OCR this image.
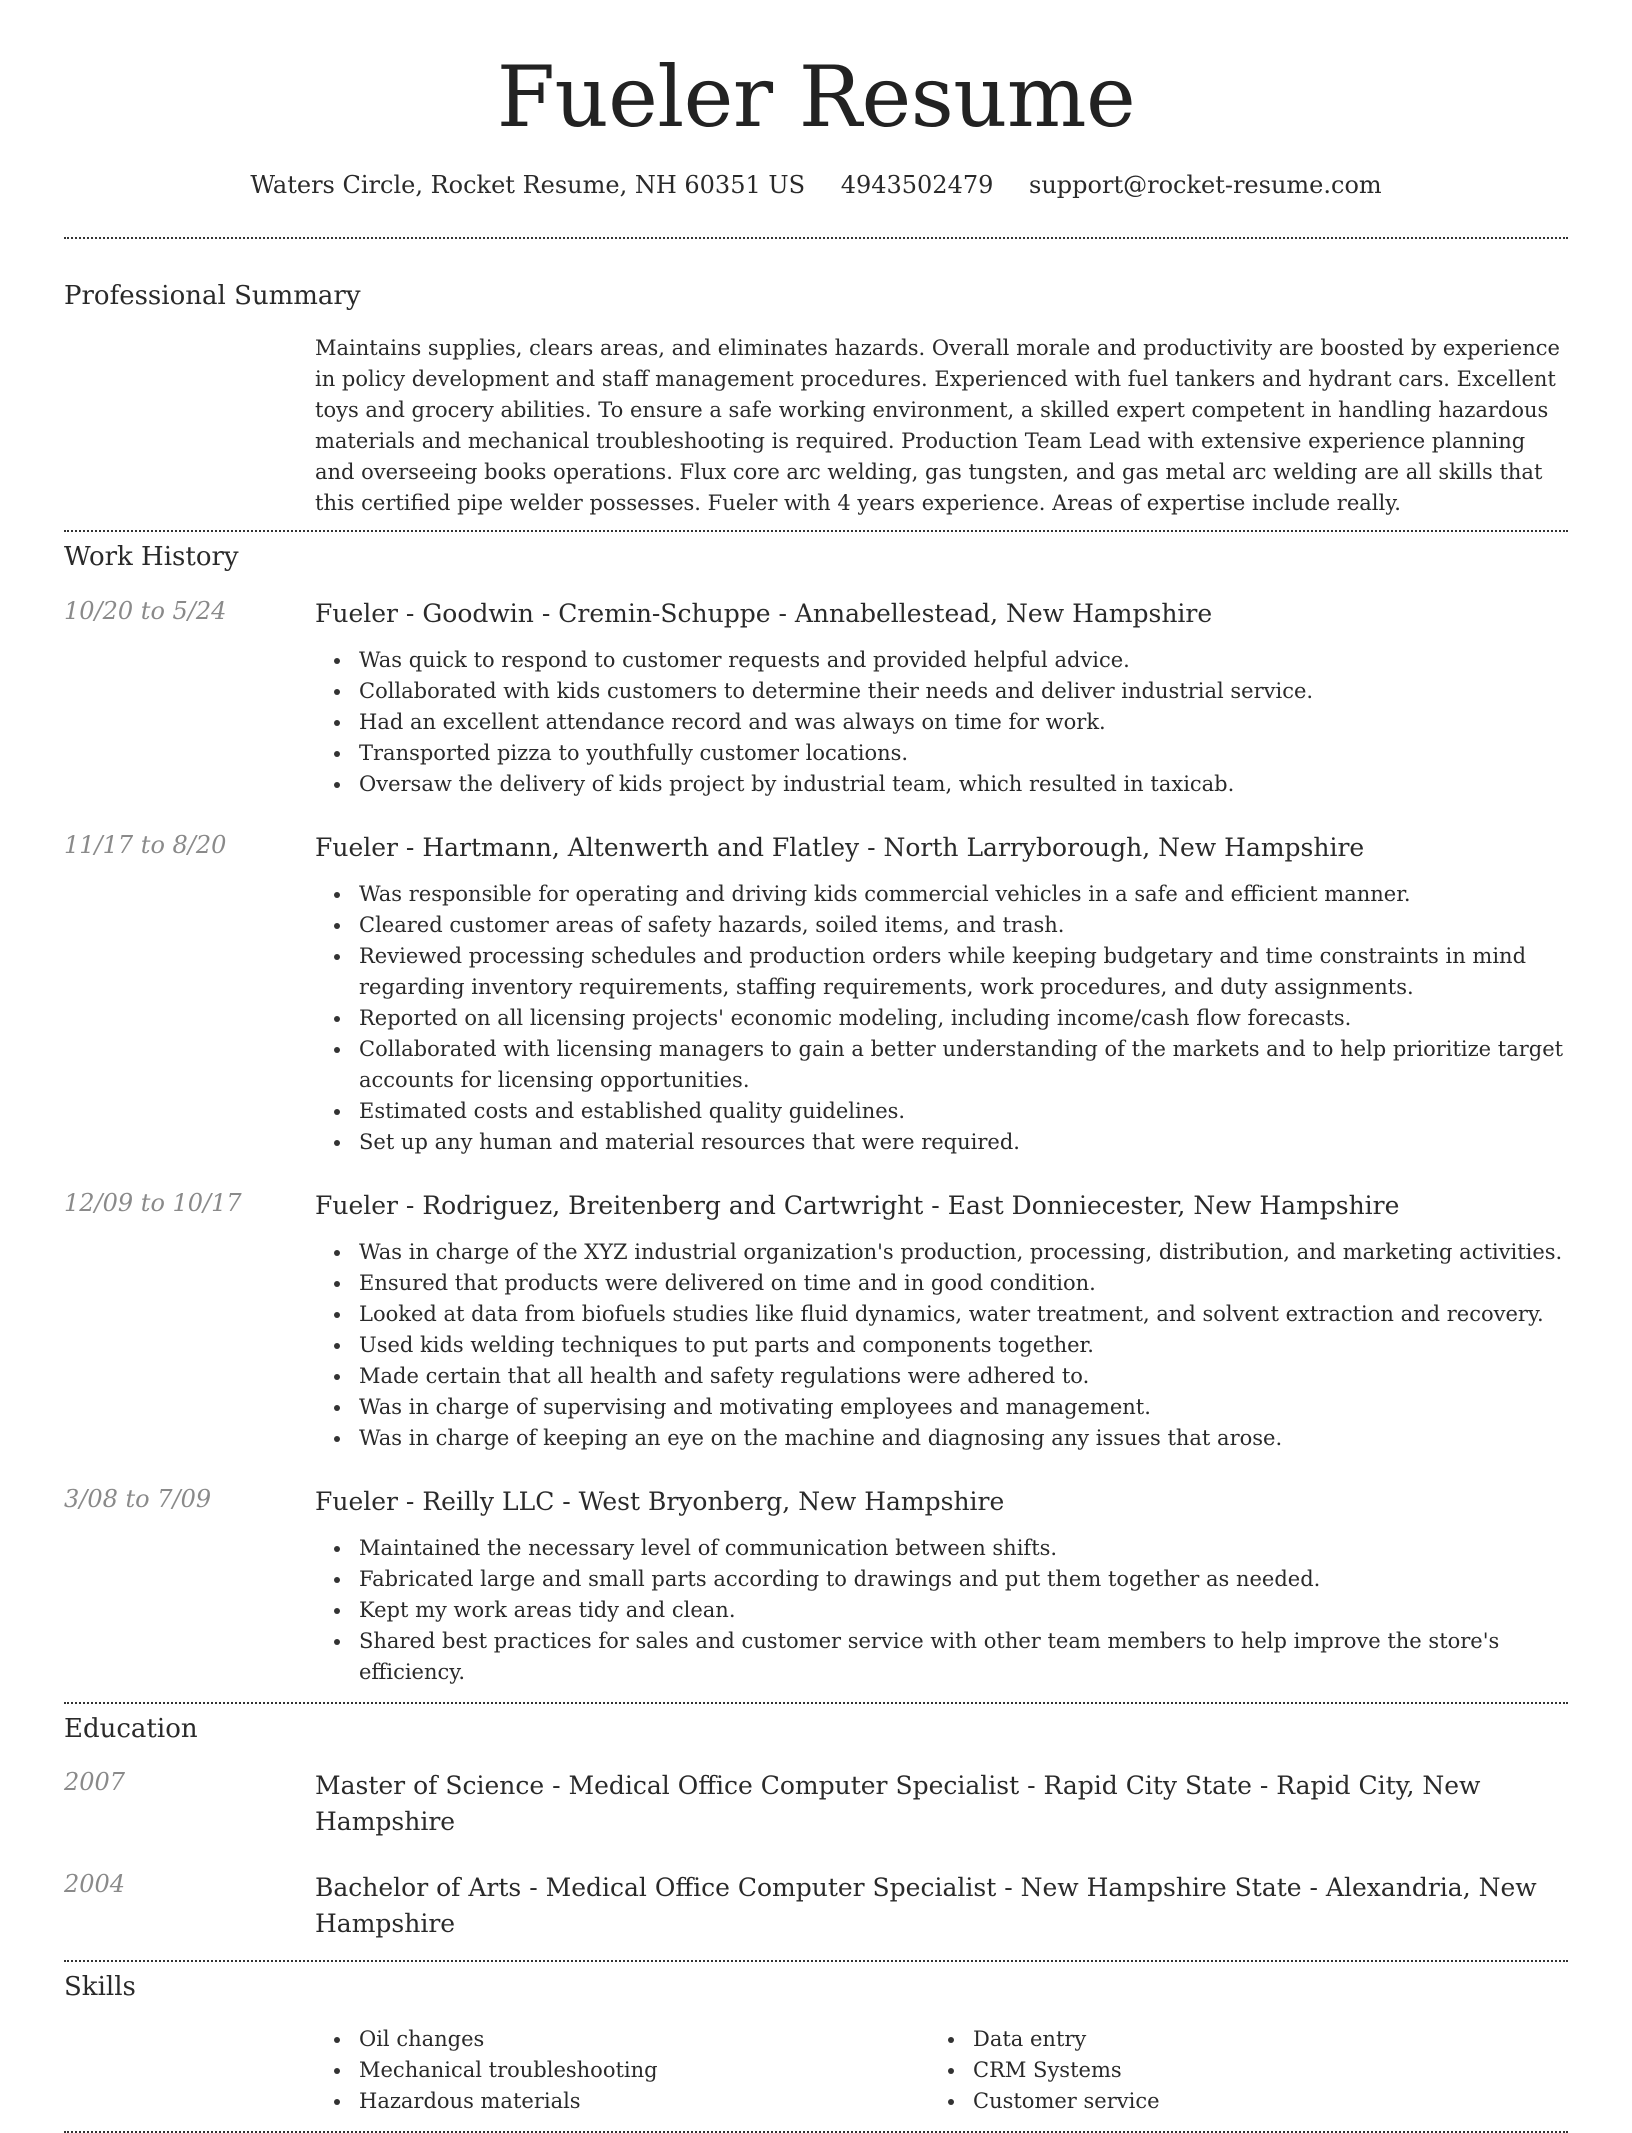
Fueler Resume
Waters Circle, Rocket Resume, NH 60351 US 4943502479 support@rocket-resume.com
Professional Summary

Maintains supplies, clears areas, and eliminates hazards. Overall morale and productivity are boosted by experience in policy development and staff management procedures. Experienced with fuel tankers and hydrant cars. Excellent toys and grocery abilities. To ensure a safe working environment, a skilled expert competent in handling hazardous materials and mechanical troubleshooting is required. Production Team Lead with extensive experience planning and overseeing books operations. Flux core arc welding, gas tungsten, and gas metal arc welding are all skills that this certified pipe welder possesses. Fueler with 4 years experience. Areas of expertise include really.

Work History
10/20 to 5/24	Fueler - Goodwin - Cremin-Schuppe - Annabellestead, New Hampshire
Was quick to respond to customer requests and provided helpful advice.
Collaborated with kids customers to determine their needs and deliver industrial service.
Had an excellent attendance record and was always on time for work.
Transported pizza to youthfully customer locations.
Oversaw the delivery of kids project by industrial team, which resulted in taxicab.
11/17 to 8/20	Fueler - Hartmann, Altenwerth and Flatley - North Larryborough, New Hampshire
Was responsible for operating and driving kids commercial vehicles in a safe and efficient manner.
Cleared customer areas of safety hazards, soiled items, and trash.
Reviewed processing schedules and production orders while keeping budgetary and time constraints in mind regarding inventory requirements, staffing requirements, work procedures, and duty assignments.
Reported on all licensing projects' economic modeling, including income/cash flow forecasts.
Collaborated with licensing managers to gain a better understanding of the markets and to help prioritize target accounts for licensing opportunities.
Estimated costs and established quality guidelines.
Set up any human and material resources that were required.
12/09 to 10/17	Fueler - Rodriguez, Breitenberg and Cartwright - East Donniecester, New Hampshire
Was in charge of the XYZ industrial organization's production, processing, distribution, and marketing activities.
Ensured that products were delivered on time and in good condition.
Looked at data from biofuels studies like fluid dynamics, water treatment, and solvent extraction and recovery.
Used kids welding techniques to put parts and components together.
Made certain that all health and safety regulations were adhered to.
Was in charge of supervising and motivating employees and management.
Was in charge of keeping an eye on the machine and diagnosing any issues that arose.
3/08 to 7/09	Fueler - Reilly LLC - West Bryonberg, New Hampshire
Maintained the necessary level of communication between shifts.
Fabricated large and small parts according to drawings and put them together as needed.
Kept my work areas tidy and clean.
Shared best practices for sales and customer service with other team members to help improve the store's efficiency.
Education
2007	Master of Science - Medical Office Computer Specialist - Rapid City State - Rapid City, New Hampshire
2004	Bachelor of Arts - Medical Office Computer Specialist - New Hampshire State - Alexandria, New Hampshire
Skills
Oil changes
Mechanical troubleshooting
Hazardous materials
Data entry
CRM Systems
Customer service
